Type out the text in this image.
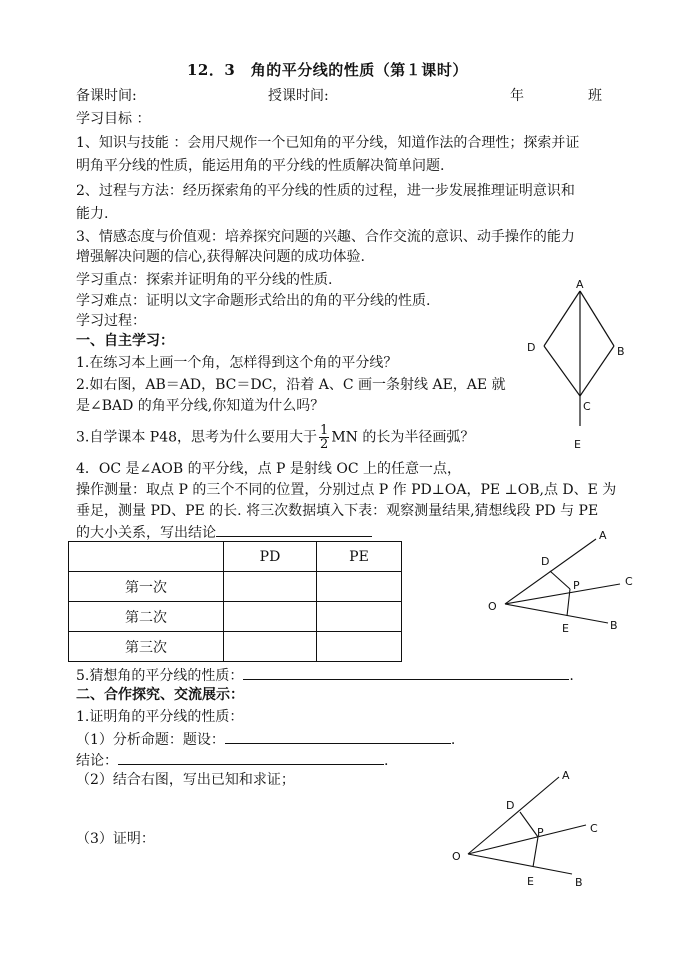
12．3　角的平分线的性质（第１课时）
备课时间:	授课时间:	年	班
学习目标 ：
1、知识与技能 ：会用尺规作一个已知角的平分线，知道作法的合理性；探索并证
明角平分线的性质，能运用角的平分线的性质解决简单问题.
2、过程与方法：经历探索角的平分线的性质的过程，进一步发展推理证明意识和
能力.
3、情感态度与价值观：培养探究问题的兴趣、合作交流的意识、动手操作的能力
增强解决问题的信心,获得解决问题的成功体验.
学习重点：探索并证明角的平分线的性质.
学习难点：证明以文字命题形式给出的角的平分线的性质.
学习过程：
一、自主学习：
1.在练习本上画一个角，怎样得到这个角的平分线？
2.如右图，AB＝AD，BC＝DC，沿着 A、C 画一条射线 AE，AE 就
是∠BAD 的角平分线,你知道为什么吗？
3.自学课本 P48，思考为什么要用大于 $\frac{1}{2}$ MN 的长为半径画弧？
4．OC 是∠AOB 的平分线，点 P 是射线 OC 上的任意一点，
操作测量：取点 P 的三个不同的位置，分别过点 P 作 PD⊥OA，PE ⊥OB,点 D、E 为
垂足，测量 PD、PE 的长. 将三次数据填入下表：观察测量结果,猜想线段 PD 与 PE
的大小关系，写出结论
	PD	PE
第一次		
第二次		
第三次		
5.猜想角的平分线的性质：	.
二、合作探究、交流展示：
1.证明角的平分线的性质：
（1）分析命题：题设：	.
结论：	.
（2）结合右图，写出已知和求证；
（3）证明：
A
B
C
D
E
A
B
C
D
E
O
P
A
B
C
D
E
O
P
